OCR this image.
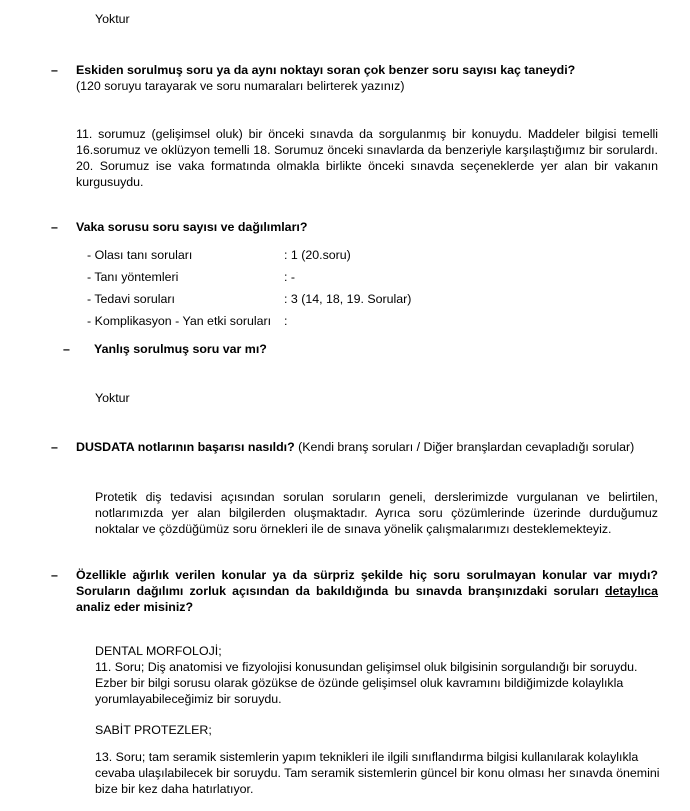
Yoktur
– Eskiden sorulmuş soru ya da aynı noktayı soran çok benzer soru sayısı kaç taneydi?
(120 soruyu tarayarak ve soru numaraları belirterek yazınız)
11. sorumuz (gelişimsel oluk) bir önceki sınavda da sorgulanmış bir konuydu. Maddeler bilgisi temelli 16.sorumuz ve oklüzyon temelli 18. Sorumuz önceki sınavlarda da benzeriyle karşılaştığımız bir sorulardı. 20. Sorumuz ise vaka formatında olmakla birlikte önceki sınavda seçeneklerde yer alan bir vakanın kurgusuydu.
– Vaka sorusu soru sayısı ve dağılımları?
- Olası tanı soruları	: 1 (20.soru)
- Tanı yöntemleri	: -
- Tedavi soruları	: 3 (14, 18, 19. Sorular)
- Komplikasyon - Yan etki soruları :
– Yanlış sorulmuş soru var mı?
Yoktur
– DUSDATA notlarının başarısı nasıldı? (Kendi branş soruları / Diğer branşlardan cevapladığı sorular)
Protetik diş tedavisi açısından sorulan soruların geneli, derslerimizde vurgulanan ve belirtilen, notlarımızda yer alan bilgilerden oluşmaktadır. Ayrıca soru çözümlerinde üzerinde durduğumuz noktalar ve çözdüğümüz soru örnekleri ile de sınava yönelik çalışmalarımızı desteklemekteyiz.
– Özellikle ağırlık verilen konular ya da sürpriz şekilde hiç soru sorulmayan konular var mıydı? Soruların dağılımı zorluk açısından da bakıldığında bu sınavda branşınızdaki soruları detaylıca analiz eder misiniz?
DENTAL MORFOLOJİ;
11. Soru; Diş anatomisi ve fizyolojisi konusundan gelişimsel oluk bilgisinin sorgulandığı bir soruydu. Ezber bir bilgi sorusu olarak gözükse de özünde gelişimsel oluk kavramını bildiğimizde kolaylıkla yorumlayabileceğimiz bir soruydu.
SABİT PROTEZLER;
13. Soru; tam seramik sistemlerin yapım teknikleri ile ilgili sınıflandırma bilgisi kullanılarak kolaylıkla cevaba ulaşılabilecek bir soruydu. Tam seramik sistemlerin güncel bir konu olması her sınavda önemini bize bir kez daha hatırlatıyor.
